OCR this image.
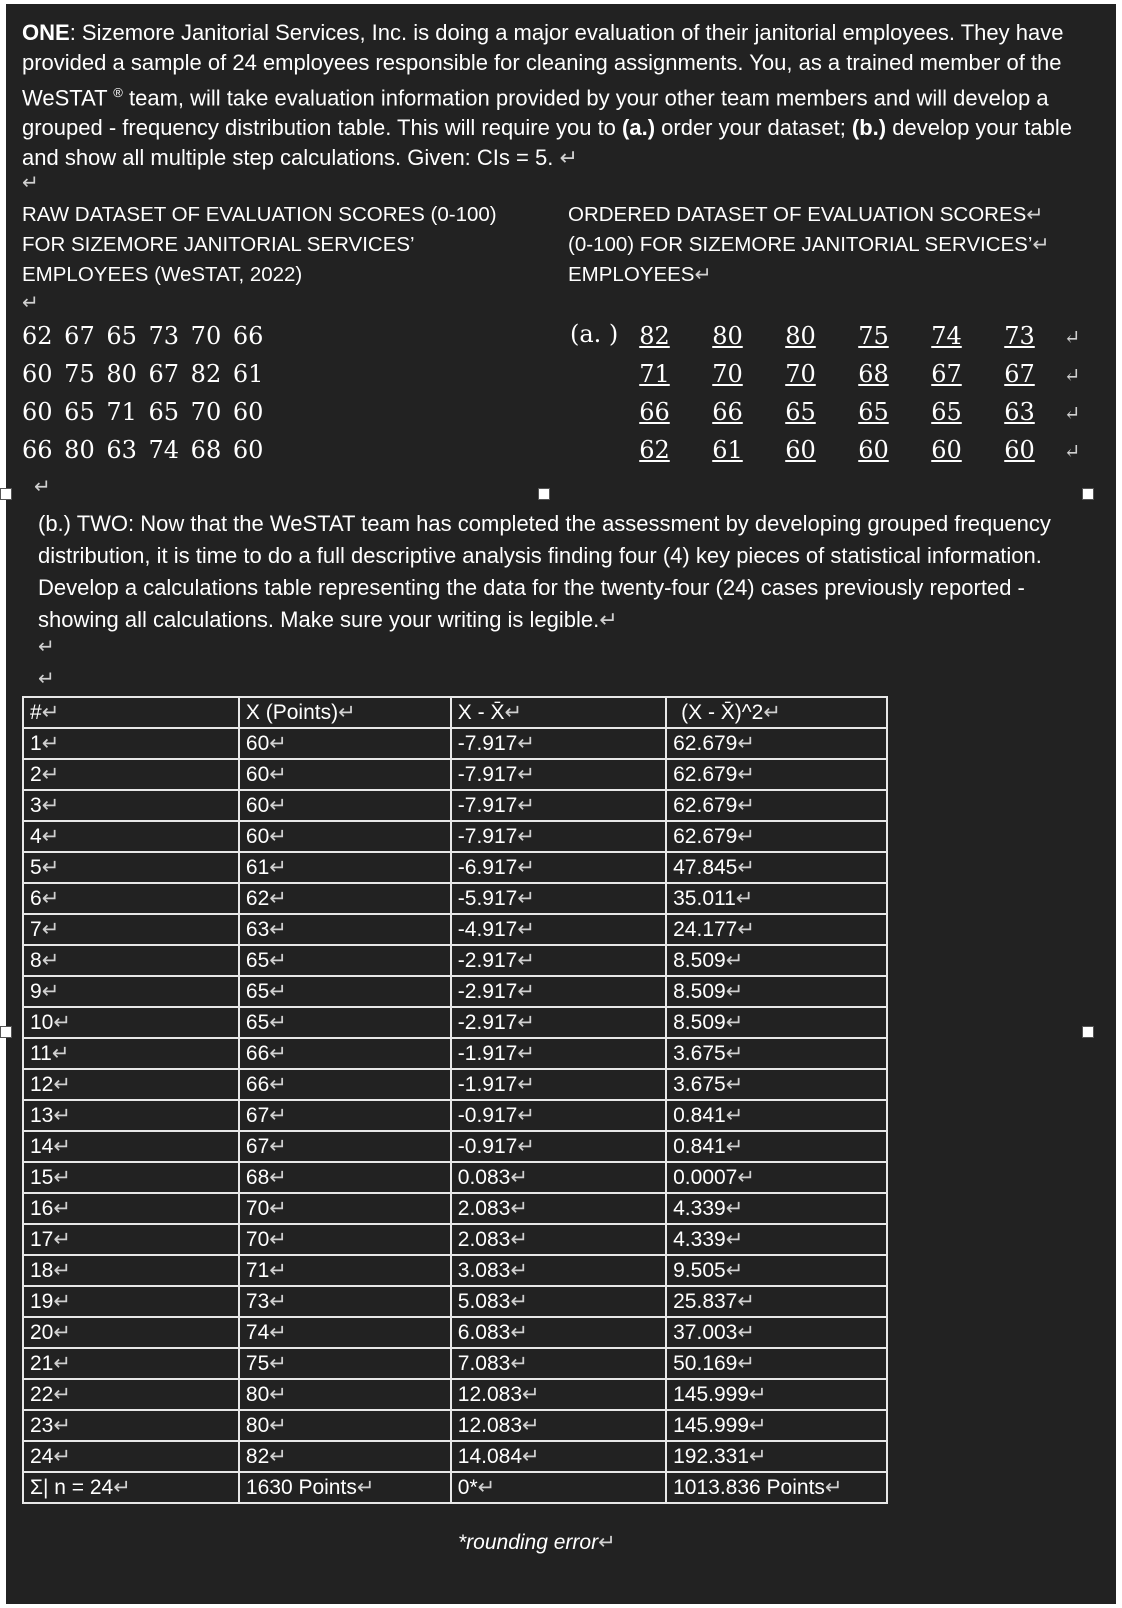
ONE: Sizemore Janitorial Services, Inc. is doing a major evaluation of their janitorial employees. They have provided a sample of 24 employees responsible for cleaning assignments. You, as a trained member of the WeSTAT ® team, will take evaluation information provided by your other team members and will develop a grouped - frequency distribution table. This will require you to (a.) order your dataset; (b.) develop your table and show all multiple step calculations. Given: CIs = 5. ↵
↵
RAW DATASET OF EVALUATION SCORES (0-100)
FOR SIZEMORE JANITORIAL SERVICES’
EMPLOYEES (WeSTAT, 2022)
ORDERED DATASET OF EVALUATION SCORES↵
(0-100) FOR SIZEMORE JANITORIAL SERVICES’↵
EMPLOYEES↵
↵
62 67 65 73 70 66
60 75 80 67 82 61
60 65 71 65 70 60
66 80 63 74 68 60
(a. ) 82 80 80 75 74 73 ↵
71 70 70 68 67 67 ↵
66 66 65 65 65 63 ↵
62 61 60 60 60 60 ↵
↵
(b.) TWO: Now that the WeSTAT team has completed the assessment by developing grouped frequency distribution, it is time to do a full descriptive analysis finding four (4) key pieces of statistical information. Develop a calculations table representing the data for the twenty-four (24) cases previously reported - showing all calculations. Make sure your writing is legible.↵
↵
↵
#↵	X (Points)↵	X - X̄↵	(X - X̄)^2↵
1↵	60↵	-7.917↵	62.679↵
2↵	60↵	-7.917↵	62.679↵
3↵	60↵	-7.917↵	62.679↵
4↵	60↵	-7.917↵	62.679↵
5↵	61↵	-6.917↵	47.845↵
6↵	62↵	-5.917↵	35.011↵
7↵	63↵	-4.917↵	24.177↵
8↵	65↵	-2.917↵	8.509↵
9↵	65↵	-2.917↵	8.509↵
10↵	65↵	-2.917↵	8.509↵
11↵	66↵	-1.917↵	3.675↵
12↵	66↵	-1.917↵	3.675↵
13↵	67↵	-0.917↵	0.841↵
14↵	67↵	-0.917↵	0.841↵
15↵	68↵	0.083↵	0.0007↵
16↵	70↵	2.083↵	4.339↵
17↵	70↵	2.083↵	4.339↵
18↵	71↵	3.083↵	9.505↵
19↵	73↵	5.083↵	25.837↵
20↵	74↵	6.083↵	37.003↵
21↵	75↵	7.083↵	50.169↵
22↵	80↵	12.083↵	145.999↵
23↵	80↵	12.083↵	145.999↵
24↵	82↵	14.084↵	192.331↵
Σ| n = 24↵	1630 Points↵	0*↵	1013.836 Points↵
*rounding error↵
